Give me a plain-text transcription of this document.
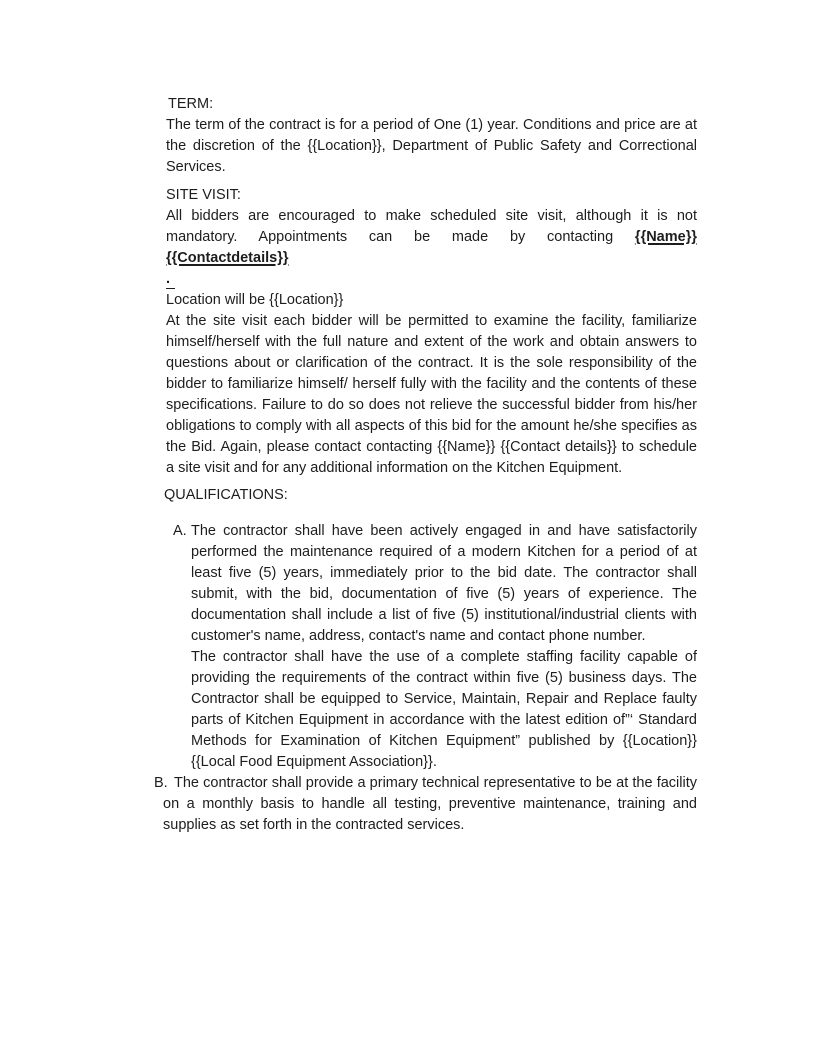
TERM:

The term of the contract is for a period of One (1) year. Conditions and price are at the discretion of the {{Location}}, Department of Public Safety and Correctional Services.

SITE VISIT:

All bidders are encouraged to make scheduled site visit, although it is not mandatory. Appointments can be made by contacting {{Name}} {{Contactdetails}}
.

Location will be {{Location}}

At the site visit each bidder will be permitted to examine the facility, familiarize himself/herself with the full nature and extent of the work and obtain answers to questions about or clarification of the contract. It is the sole responsibility of the bidder to familiarize himself/ herself fully with the facility and the contents of these specifications. Failure to do so does not relieve the successful bidder from his/her obligations to comply with all aspects of this bid for the amount he/she specifies as the Bid. Again, please contact contacting {{Name}} {{Contact details}} to schedule a site visit and for any additional information on the Kitchen Equipment.

QUALIFICATIONS:
A. The contractor shall have been actively engaged in and have satisfactorily performed the maintenance required of a modern Kitchen for a period of at least five (5) years, immediately prior to the bid date. The contractor shall submit, with the bid, documentation of five (5) years of experience. The documentation shall include a list of five (5) institutional/industrial clients with customer's name, address, contact's name and contact phone number.

The contractor shall have the use of a complete staffing facility capable of providing the requirements of the contract within five (5) business days. The Contractor shall be equipped to Service, Maintain, Repair and Replace faulty parts of Kitchen Equipment in accordance with the latest edition of”‘ Standard Methods for Examination of Kitchen Equipment” published by {{Location}} {{Local Food Equipment Association}}.

B. The contractor shall provide a primary technical representative to be at the facility on a monthly basis to handle all testing, preventive maintenance, training and supplies as set forth in the contracted services.
